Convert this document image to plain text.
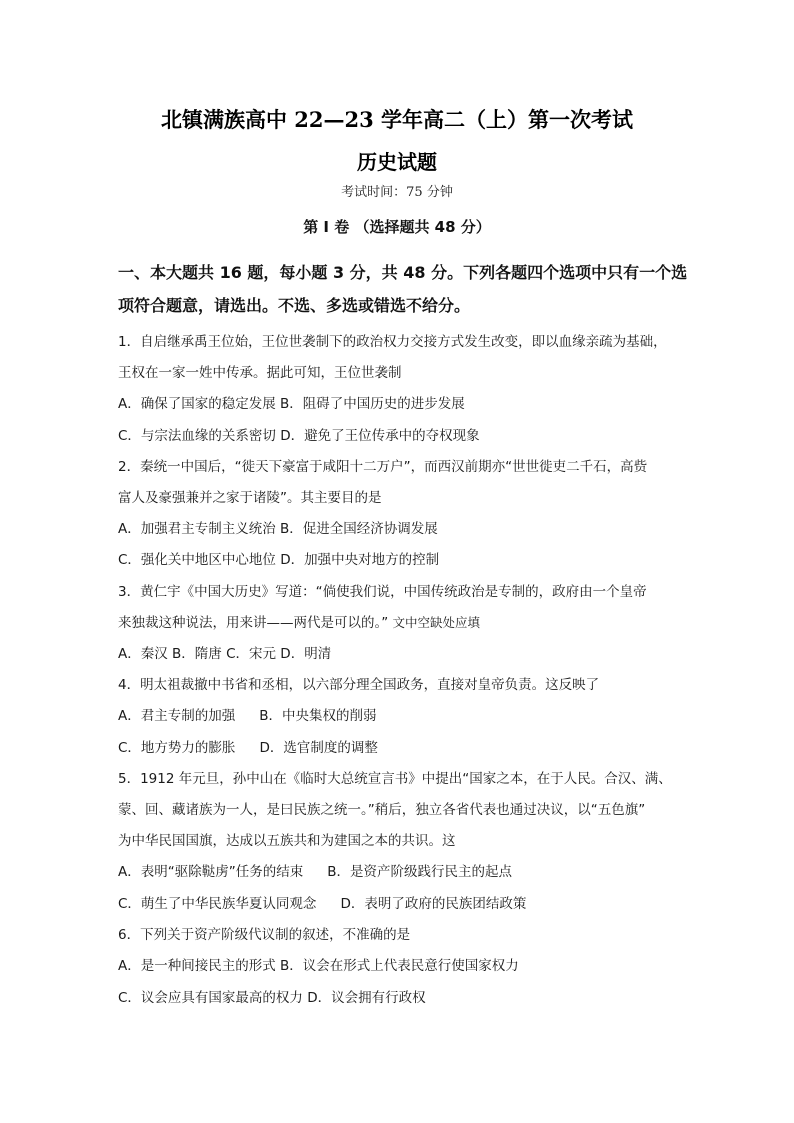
北镇满族高中 22—23 学年高二（上）第一次考试
历史试题
考试时间：75 分钟
第 I 卷 （选择题共 48 分）
一、本大题共 16 题，每小题 3 分，共 48 分。下列各题四个选项中只有一个选
项符合题意，请选出。不选、多选或错选不给分。
1．自启继承禹王位始，王位世袭制下的政治权力交接方式发生改变，即以血缘亲疏为基础，
王权在一家一姓中传承。据此可知，王位世袭制
A．确保了国家的稳定发展 B．阻碍了中国历史的进步发展
C．与宗法血缘的关系密切 D．避免了王位传承中的夺权现象
2．秦统一中国后，“徙天下豪富于咸阳十二万户”，而西汉前期亦“世世徙吏二千石，高赀
富人及豪强兼并之家于诸陵”。其主要目的是
A．加强君主专制主义统治 B．促进全国经济协调发展
C．强化关中地区中心地位 D．加强中央对地方的控制
3．黄仁宇《中国大历史》写道：“倘使我们说，中国传统政治是专制的，政府由一个皇帝
来独裁这种说法，用来讲——两代是可以的。” 文中空缺处应填
A．秦汉 B．隋唐 C．宋元 D．明清
4．明太祖裁撤中书省和丞相，以六部分理全国政务，直接对皇帝负责。这反映了
A．君主专制的加强 B．中央集权的削弱
C．地方势力的膨胀 D．选官制度的调整
5．1912 年元旦，孙中山在《临时大总统宣言书》中提出“国家之本，在于人民。合汉、满、
蒙、回、藏诸族为一人，是曰民族之统一。”稍后，独立各省代表也通过决议，以“五色旗”
为中华民国国旗，达成以五族共和为建国之本的共识。这
A．表明“驱除鞑虏”任务的结束 B．是资产阶级践行民主的起点
C．萌生了中华民族华夏认同观念 D．表明了政府的民族团结政策
6．下列关于资产阶级代议制的叙述，不准确的是
A．是一种间接民主的形式 B．议会在形式上代表民意行使国家权力
C．议会应具有国家最高的权力 D．议会拥有行政权
